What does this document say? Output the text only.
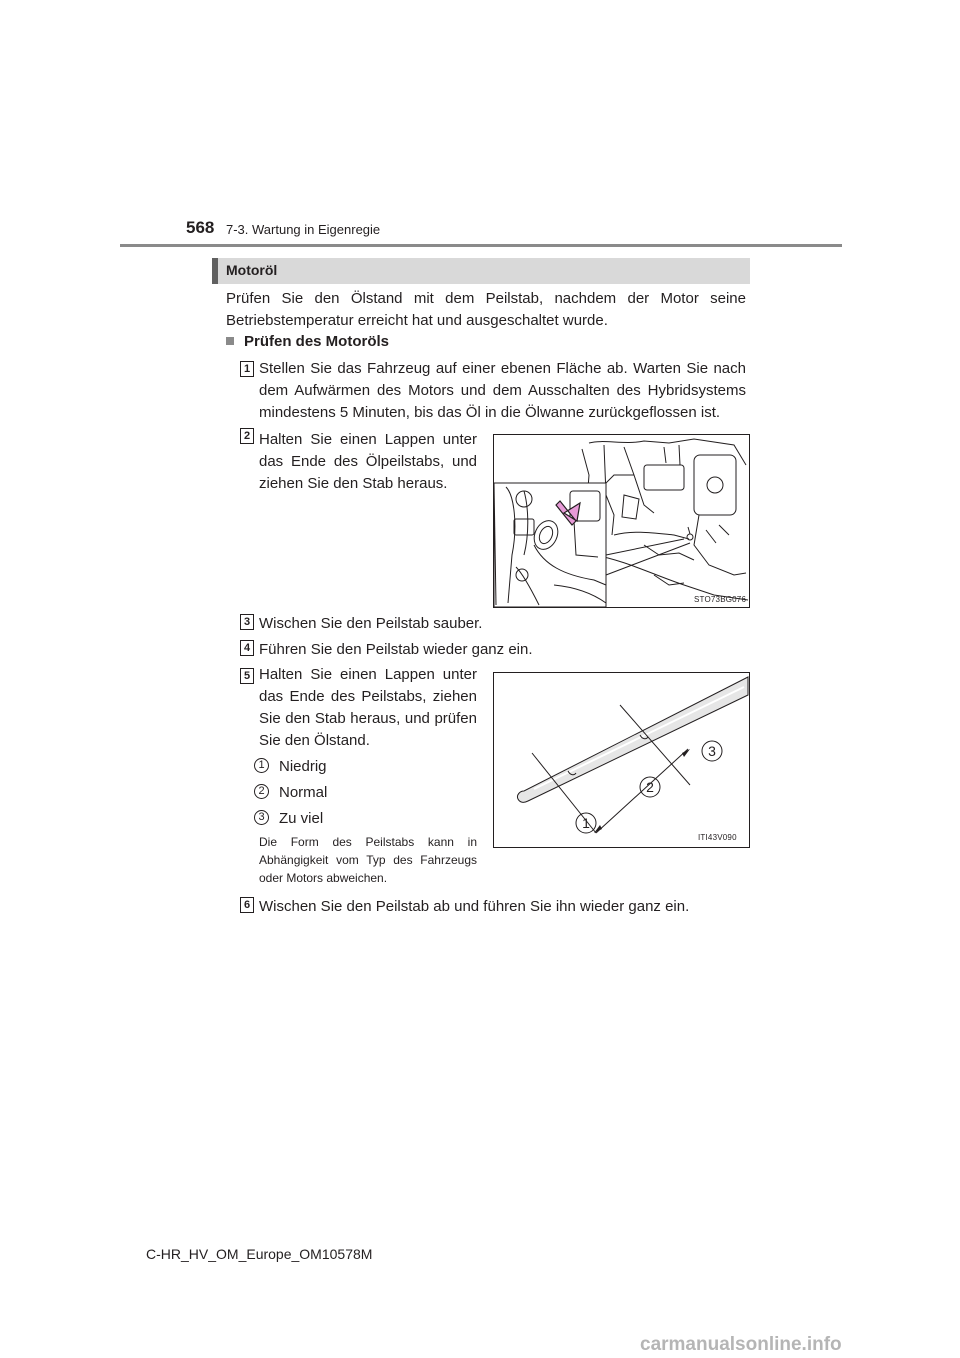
568 7-3. Wartung in Eigenregie
Motoröl
Prüfen Sie den Ölstand mit dem Peilstab, nachdem der Motor seine Betriebstemperatur erreicht hat und ausgeschaltet wurde.
Prüfen des Motoröls
1 Stellen Sie das Fahrzeug auf einer ebenen Fläche ab. Warten Sie nach dem Aufwärmen des Motors und dem Ausschalten des Hybridsystems mindestens 5 Minuten, bis das Öl in die Ölwanne zurückgeflossen ist.
2 Halten Sie einen Lappen unter das Ende des Ölpeilstabs, und ziehen Sie den Stab heraus.
STO73BG076
3 Wischen Sie den Peilstab sauber.
4 Führen Sie den Peilstab wieder ganz ein.
5 Halten Sie einen Lappen unter das Ende des Peilstabs, ziehen Sie den Stab heraus, und prüfen Sie den Ölstand.
1 Niedrig
2 Normal
3 Zu viel
Die Form des Peilstabs kann in Abhängigkeit vom Typ des Fahrzeugs oder Motors abweichen.
1
2
3
ITI43V090
6 Wischen Sie den Peilstab ab und führen Sie ihn wieder ganz ein.
C-HR_HV_OM_Europe_OM10578M
carmanualsonline.info
